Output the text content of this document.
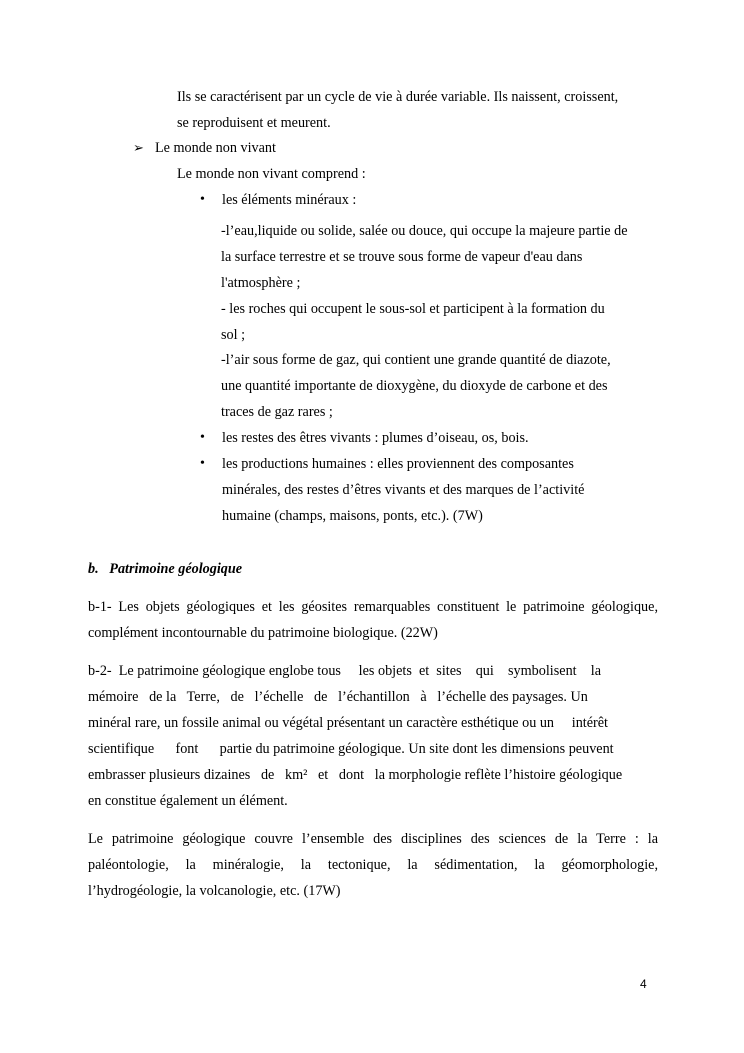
Ils se caractérisent par un cycle de vie à durée variable. Ils naissent, croissent,
se reproduisent et meurent.
➢ Le monde non vivant
Le monde non vivant comprend :
• les éléments minéraux :
-l’eau,liquide ou solide, salée ou douce, qui occupe la majeure partie de
la surface terrestre et se trouve sous forme de vapeur d'eau dans
l'atmosphère ;
- les roches qui occupent le sous-sol et participent à la formation du
sol ;
-l’air sous forme de gaz, qui contient une grande quantité de diazote,
une quantité importante de dioxygène, du dioxyde de carbone et des
traces de gaz rares ;
• les restes des êtres vivants : plumes d’oiseau, os, bois.
• les productions humaines : elles proviennent des composantes
minérales, des restes d’êtres vivants et des marques de l’activité
humaine (champs, maisons, ponts, etc.). (7W)
b.   Patrimoine géologique
b-1- Les objets géologiques et les géosites remarquables constituent le patrimoine géologique,
complément incontournable du patrimoine biologique. (22W)
b-2-  Le patrimoine géologique englobe tous     les objets  et  sites    qui    symbolisent    la
mémoire   de la   Terre,   de   l’échelle   de   l’échantillon   à   l’échelle des paysages. Un
minéral rare, un fossile animal ou végétal présentant un caractère esthétique ou un     intérêt
scientifique      font      partie du patrimoine géologique. Un site dont les dimensions peuvent
embrasser plusieurs dizaines   de   km²   et   dont   la morphologie reflète l’histoire géologique
en constitue également un élément.
Le patrimoine géologique couvre l’ensemble des disciplines des sciences de la Terre : la
paléontologie, la minéralogie, la tectonique, la sédimentation, la géomorphologie,
l’hydrogéologie, la volcanologie, etc. (17W)
4
